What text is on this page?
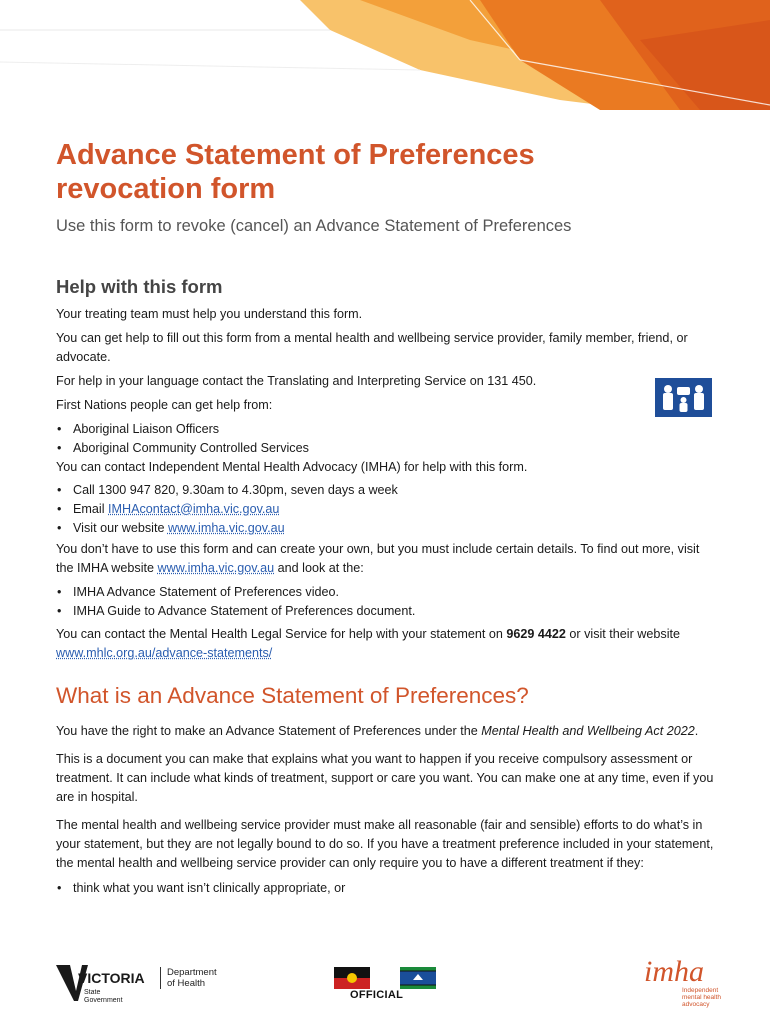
Advance Statement of Preferences
revocation form
Use this form to revoke (cancel) an Advance Statement of Preferences
Help with this form

Your treating team must help you understand this form.

You can get help to fill out this form from a mental health and wellbeing service provider, family member, friend, or advocate.

For help in your language contact the Translating and Interpreting Service on 131 450.

First Nations people can get help from:

• Aboriginal Liaison Officers
• Aboriginal Community Controlled Services

You can contact Independent Mental Health Advocacy (IMHA) for help with this form.

• Call 1300 947 820, 9.30am to 4.30pm, seven days a week
• Email IMHAcontact@imha.vic.gov.au
• Visit our website www.imha.vic.gov.au

You don’t have to use this form and can create your own, but you must include certain details. To find out more, visit the IMHA website www.imha.vic.gov.au and look at the:

• IMHA Advance Statement of Preferences video.
• IMHA Guide to Advance Statement of Preferences document.

You can contact the Mental Health Legal Service for help with your statement on 9629 4422 or visit their website www.mhlc.org.au/advance-statements/

What is an Advance Statement of Preferences?

You have the right to make an Advance Statement of Preferences under the Mental Health and Wellbeing Act 2022.

This is a document you can make that explains what you want to happen if you receive compulsory assessment or treatment. It can include what kinds of treatment, support or care you want. You can make one at any time, even if you are in hospital.

The mental health and wellbeing service provider must make all reasonable (fair and sensible) efforts to do what’s in your statement, but they are not legally bound to do so. If you have a treatment preference included in your statement, the mental health and wellbeing service provider can only require you to have a different treatment if they:

• think what you want isn’t clinically appropriate, or
VICTORIA
State
Government
Department
of Health
OFFICIAL
imha
Independent mental health advocacy
